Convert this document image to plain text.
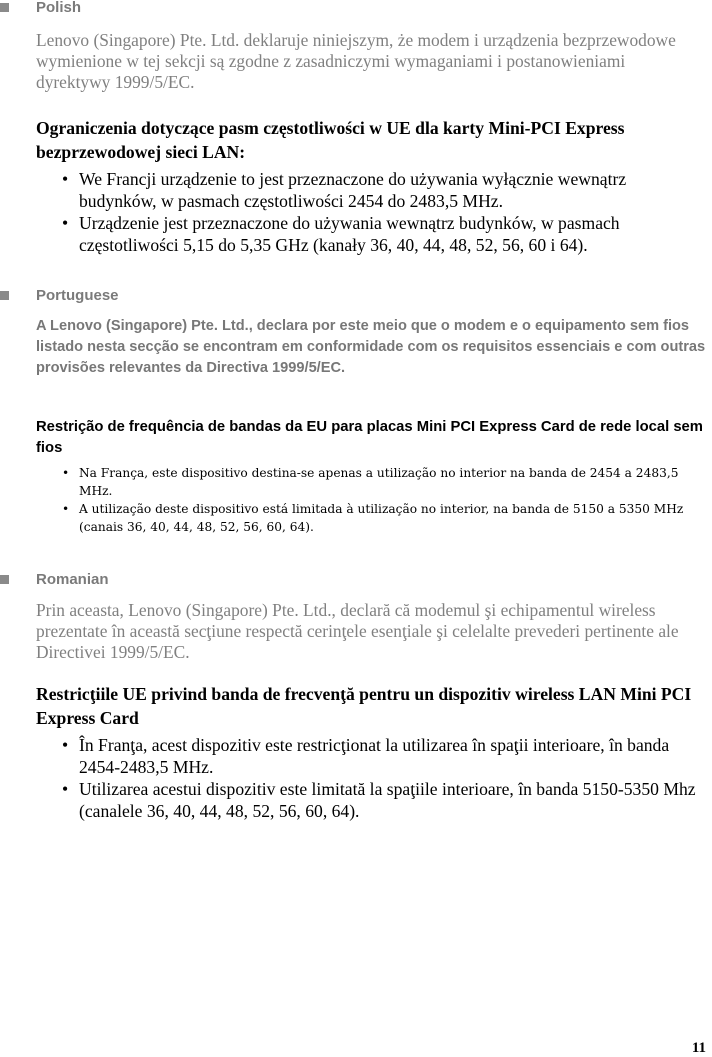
Polish

Lenovo (Singapore) Pte. Ltd. deklaruje niniejszym, że modem i urządzenia bezprzewodowe wymienione w tej sekcji są zgodne z zasadniczymi wymaganiami i postanowieniami dyrektywy 1999/5/EC.

Ograniczenia dotyczące pasm częstotliwości w UE dla karty Mini-PCI Express bezprzewodowej sieci LAN:

• We Francji urządzenie to jest przeznaczone do używania wyłącznie wewnątrz budynków, w pasmach częstotliwości 2454 do 2483,5 MHz.
• Urządzenie jest przeznaczone do używania wewnątrz budynków, w pasmach częstotliwości 5,15 do 5,35 GHz (kanały 36, 40, 44, 48, 52, 56, 60 i 64).
Portuguese

A Lenovo (Singapore) Pte. Ltd., declara por este meio que o modem e o equipamento sem fios listado nesta secção se encontram em conformidade com os requisitos essenciais e com outras provisões relevantes da Directiva 1999/5/EC.

Restrição de frequência de bandas da EU para placas Mini PCI Express Card de rede local sem fios

• Na França, este dispositivo destina-se apenas a utilização no interior na banda de 2454 a 2483,5 MHz.
• A utilização deste dispositivo está limitada à utilização no interior, na banda de 5150 a 5350 MHz (canais 36, 40, 44, 48, 52, 56, 60, 64).
Romanian

Prin aceasta, Lenovo (Singapore) Pte. Ltd., declară că modemul şi echipamentul wireless prezentate în această secţiune respectă cerinţele esenţiale şi celelalte prevederi pertinente ale Directivei 1999/5/EC.

Restricţiile UE privind banda de frecvenţă pentru un dispozitiv wireless LAN Mini PCI Express Card

• În Franţa, acest dispozitiv este restricţionat la utilizarea în spaţii interioare, în banda 2454-2483,5 MHz.
• Utilizarea acestui dispozitiv este limitată la spaţiile interioare, în banda 5150-5350 Mhz (canalele 36, 40, 44, 48, 52, 56, 60, 64).
11
